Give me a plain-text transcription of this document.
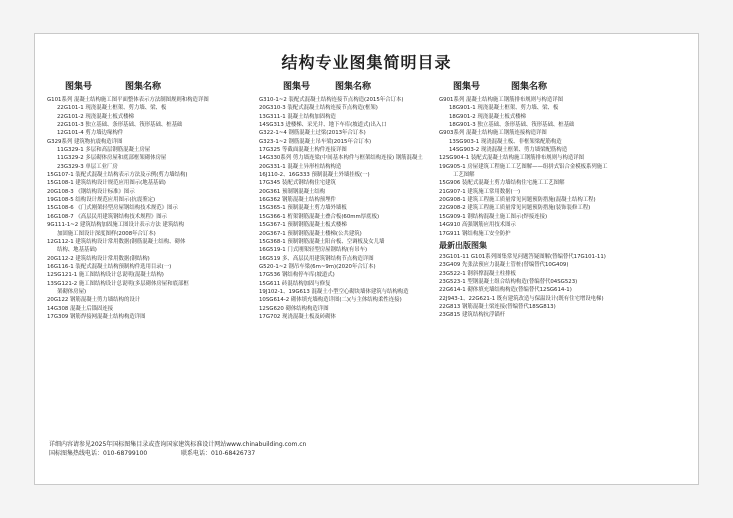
结构专业图集简明目录
图集号	图集名称	图集号	图集名称	图集号	图集名称
G101系列 混凝土结构施工图平面整体表示方法制图规则和构造详图
22G101-1 现浇混凝土框架、剪力墙、梁、板
22G101-2 现浇混凝土板式楼梯
22G101-3 独立基础、条形基础、筏形基础、桩基础
12G101-4 剪力墙边缘构件
G329系列 建筑物抗震构造详图
11G329-1 多层和高层钢筋混凝土房屋
11G329-2 多层砌体房屋和底部框架砌体房屋
23G329-3 单层工业厂房
15G107-1 装配式混凝土结构表示方法及示例(剪力墙结构)
15G108-1 建筑结构设计规范应用图示(地基基础)
20G108-3 《钢结构设计标准》图示
19G108-5 结构设计规范应用图示(抗震鉴定)
15G108-6 《门式刚架轻型房屋钢结构技术规范》图示
16G108-7 《高层民用建筑钢结构技术规程》图示
9G111-1~2 建筑结构加固施工图设计表示方法 建筑结构
加固施工图设计深度图样(2008年合订本)
12G112-1 建筑结构设计常用数据(钢筋混凝土结构、砌体
结构、地基基础)
20G112-2 建筑结构设计常用数据(钢结构)
16G116-1 装配式混凝土结构预制构件选用目录(一)
12SG121-1 施工图结构设计总说明(混凝土结构)
13SG121-2 施工图结构设计总说明(多层砌体房屋和底部框
架砌体房屋)
20G122 钢筋混凝土剪力墙结构的设计
14G308 混凝土后锚固连接
17G309 钢筋焊接网混凝土结构构造详图
G310-1~2 装配式混凝土结构连接节点构造(2015年合订本)
20G310-3 装配式混凝土结构连接节点构造(框架)
13G311-1 混凝土结构加固构造
14SG313 进楼梯、采光井、地下车库(坡道式)出入口
G322-1~4 钢筋混凝土过梁(2013年合订本)
G323-1~2 钢筋混凝土吊车梁(2015年合订本)
17G325 等截面混凝土构件连接详图
14G330系列 剪力墙连梁(中间基本构件与框架结构连接) 钢筋混凝土
20G331-1 混凝土异形柱结构构造
16J110-2、16G333 预制混凝土外墙挂板(一)
17G345 装配式钢结构住宅建筑
20G361 预制钢混凝土结构
16G362 钢筋混凝土结构预埋件
15G365-1 预制混凝土剪力墙外墙板
15G366-1 桁架钢筋混凝土叠合板(60mm厚底板)
15G367-1 预制钢筋混凝土板式楼梯
20G367-1 预制钢筋混凝土楼梯(公共建筑)
15G368-1 预制钢筋混凝土阳台板、空调板及女儿墙
16G519-1 门式刚架轻型房屋钢结构(有吊车)
16G519 多、高层民用建筑钢结构节点构造详图
G520-1~2 钢吊车梁(6m~9m)(2020年合订本)
17G536 钢结构停车库(坡道式)
15G611 砖混结构加固与修复
19J102-1、19G613 混凝土小型空心砌块墙体建筑与结构构造
10SG614-2 砌体填充墙构造详图(二)(与主体结构柔性连接)
12SG620 砌体结构构造详图
17G702 现浇混凝土板及砖砌体
G901系列 混凝土结构施工钢筋排布规则与构造详图
18G901-1 现浇混凝土框架、剪力墙、梁、板
18G901-2 现浇混凝土板式楼梯
18G901-3 独立基础、条形基础、筏形基础、桩基础
G903系列 混凝土结构施工钢筋连接构造详图
13SG903-1 现浇混凝土板、非框架梁配筋构造
14SG903-2 现浇混凝土框架、剪力墙梁配筋构造
12SG904-1 装配式混凝土结构施工钢筋排布规则与构造详图
19G905-1 房屋建筑工程施工工艺图解——组拼式铝合金模板系列施工
工艺图解
15G906 装配式混凝土剪力墙结构住宅施工工艺图解
21G907-1 建筑施工常用数据(一)
20G908-1 建筑工程施工质量常见问题预防措施(混凝土结构工程)
22G908-2 建筑工程施工质量常见问题预防措施(装饰装修工程)
15G909-1 钢结构混凝土施工图示(焊接连接)
14G910 高强钢筋应用技术图示
17G911 钢结构施工安全防护
最新出版图集
23G101-11 G101系列图集常见问题答疑图解(替编替代17G101-11)
23G409 先张法预应力混凝土管桩(替编替代10G409)
23G522-1 钢斜撑混凝土柱排板
23G523-1 型钢混凝土组合结构构造(替编替代04SG523)
22G614-1 砌体填充墙结构构造(替编替代12SG614-1)
22J943-1、22G621-1 既有建筑改造与保温设计(既有住宅增设电梯)
22G813 钢筋混凝土梁连接(替编替代18SG813)
23G815 建筑结构抗浮锚杆
详细内容请参见2025年国标图集目录或查询国家建筑标准设计网站www.chinabuilding.com.cn
国标图集热线电话：010-68799100	联系电话：010-68426737
